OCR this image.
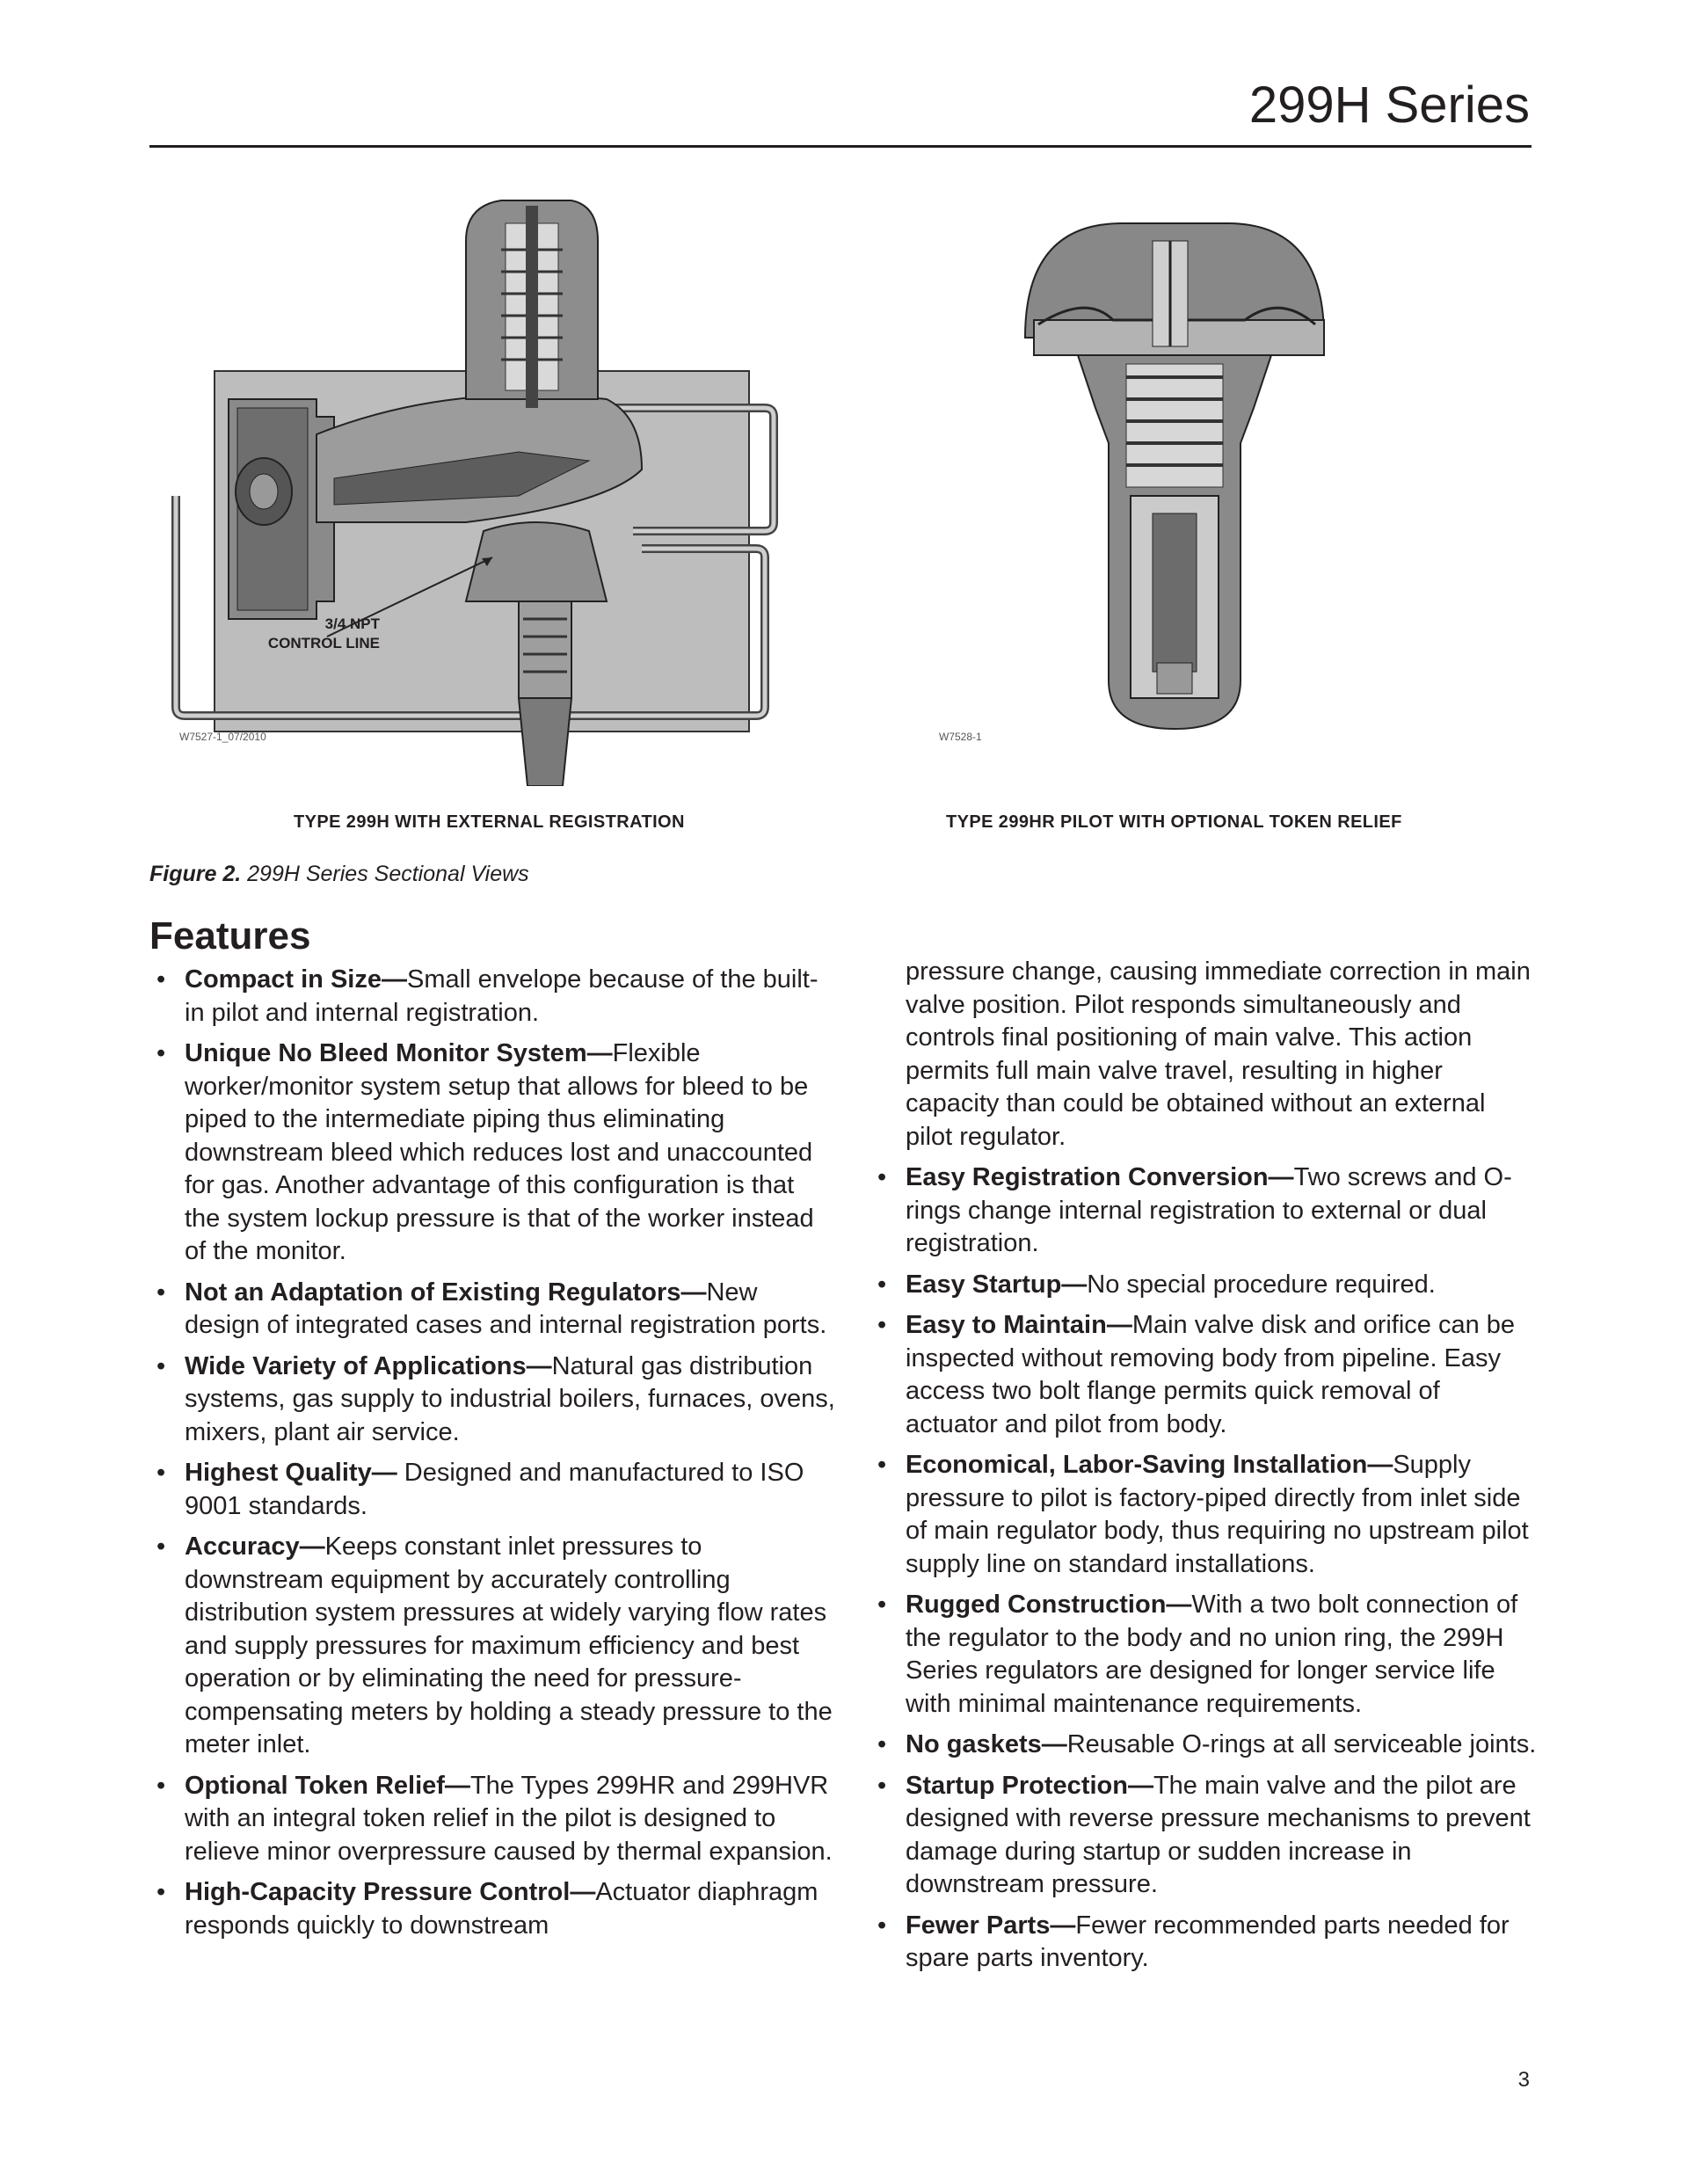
299H Series
3/4 NPT
CONTROL LINE
W7527-1_07/2010	W7528-1
TYPE 299H WITH EXTERNAL REGISTRATION	TYPE 299HR PILOT WITH OPTIONAL TOKEN RELIEF
Figure 2. 299H Series Sectional Views
Features
• Compact in Size—Small envelope because of the built-in pilot and internal registration.
• Unique No Bleed Monitor System—Flexible worker/monitor system setup that allows for bleed to be piped to the intermediate piping thus eliminating downstream bleed which reduces lost and unaccounted for gas. Another advantage of this configuration is that the system lockup pressure is that of the worker instead of the monitor.
• Not an Adaptation of Existing Regulators—New design of integrated cases and internal registration ports.
• Wide Variety of Applications—Natural gas distribution systems, gas supply to industrial boilers, furnaces, ovens, mixers, plant air service.
• Highest Quality— Designed and manufactured to ISO 9001 standards.
• Accuracy—Keeps constant inlet pressures to downstream equipment by accurately controlling distribution system pressures at widely varying flow rates and supply pressures for maximum efficiency and best operation or by eliminating the need for pressure-compensating meters by holding a steady pressure to the meter inlet.
• Optional Token Relief—The Types 299HR and 299HVR with an integral token relief in the pilot is designed to relieve minor overpressure caused by thermal expansion.
• High-Capacity Pressure Control—Actuator diaphragm responds quickly to downstream
pressure change, causing immediate correction in main valve position. Pilot responds simultaneously and controls final positioning of main valve. This action permits full main valve travel, resulting in higher capacity than could be obtained without an external pilot regulator.
• Easy Registration Conversion—Two screws and O-rings change internal registration to external or dual registration.
• Easy Startup—No special procedure required.
• Easy to Maintain—Main valve disk and orifice can be inspected without removing body from pipeline. Easy access two bolt flange permits quick removal of actuator and pilot from body.
• Economical, Labor-Saving Installation—Supply pressure to pilot is factory-piped directly from inlet side of main regulator body, thus requiring no upstream pilot supply line on standard installations.
• Rugged Construction—With a two bolt connection of the regulator to the body and no union ring, the 299H Series regulators are designed for longer service life with minimal maintenance requirements.
• No gaskets—Reusable O-rings at all serviceable joints.
• Startup Protection—The main valve and the pilot are designed with reverse pressure mechanisms to prevent damage during startup or sudden increase in downstream pressure.
• Fewer Parts—Fewer recommended parts needed for spare parts inventory.
3
